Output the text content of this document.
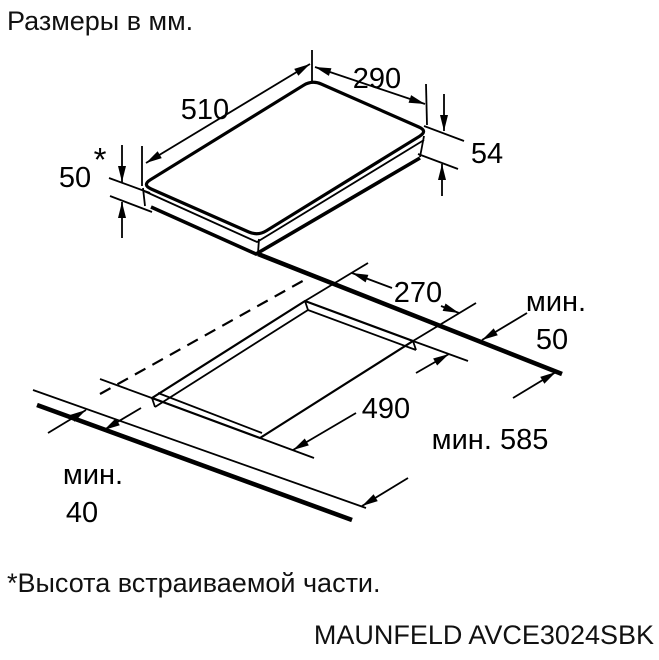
Размеры в мм.
510
290
54
50 *
270	мин.
50
490
мин. 585
мин.
40
*Высота встраиваемой части.
MAUNFELD AVCE3024SBK
